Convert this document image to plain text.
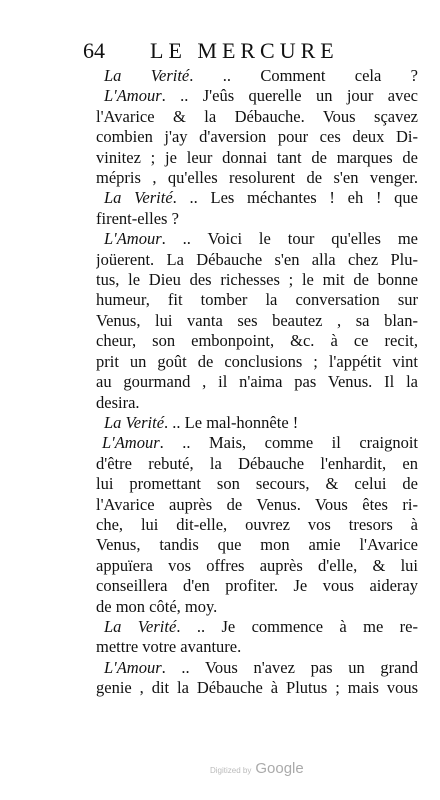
64 LE MERCURE
La Verité. .. Comment cela ?
L'Amour. .. J'eûs querelle un jour avec
l'Avarice & la Débauche. Vous sçavez
combien j'ay d'aversion pour ces deux Di-
vinitez ; je leur donnai tant de marques de
mépris , qu'elles resolurent de s'en venger.
La Verité. .. Les méchantes ! eh ! que
firent-elles ?
L'Amour. .. Voici le tour qu'elles me
joüerent. La Débauche s'en alla chez Plu-
tus, le Dieu des richesses ; le mit de bonne
humeur, fit tomber la conversation sur
Venus, lui vanta ses beautez , sa blan-
cheur, son embonpoint, &c. à ce recit,
prit un goût de conclusions ; l'appétit vint
au gourmand , il n'aima pas Venus. Il la
desira.
La Verité. .. Le mal-honnête !
L'Amour. .. Mais, comme il craignoit
d'être rebuté, la Débauche l'enhardit, en
lui promettant son secours, & celui de
l'Avarice auprès de Venus. Vous êtes ri-
che, lui dit-elle, ouvrez vos tresors à
Venus, tandis que mon amie l'Avarice
appuïera vos offres auprès d'elle, & lui
conseillera d'en profiter. Je vous aideray
de mon côté, moy.
La Verité. .. Je commence à me re-
mettre votre avanture.
L'Amour. .. Vous n'avez pas un grand
genie , dit la Débauche à Plutus ; mais vous
Digitized by Google
